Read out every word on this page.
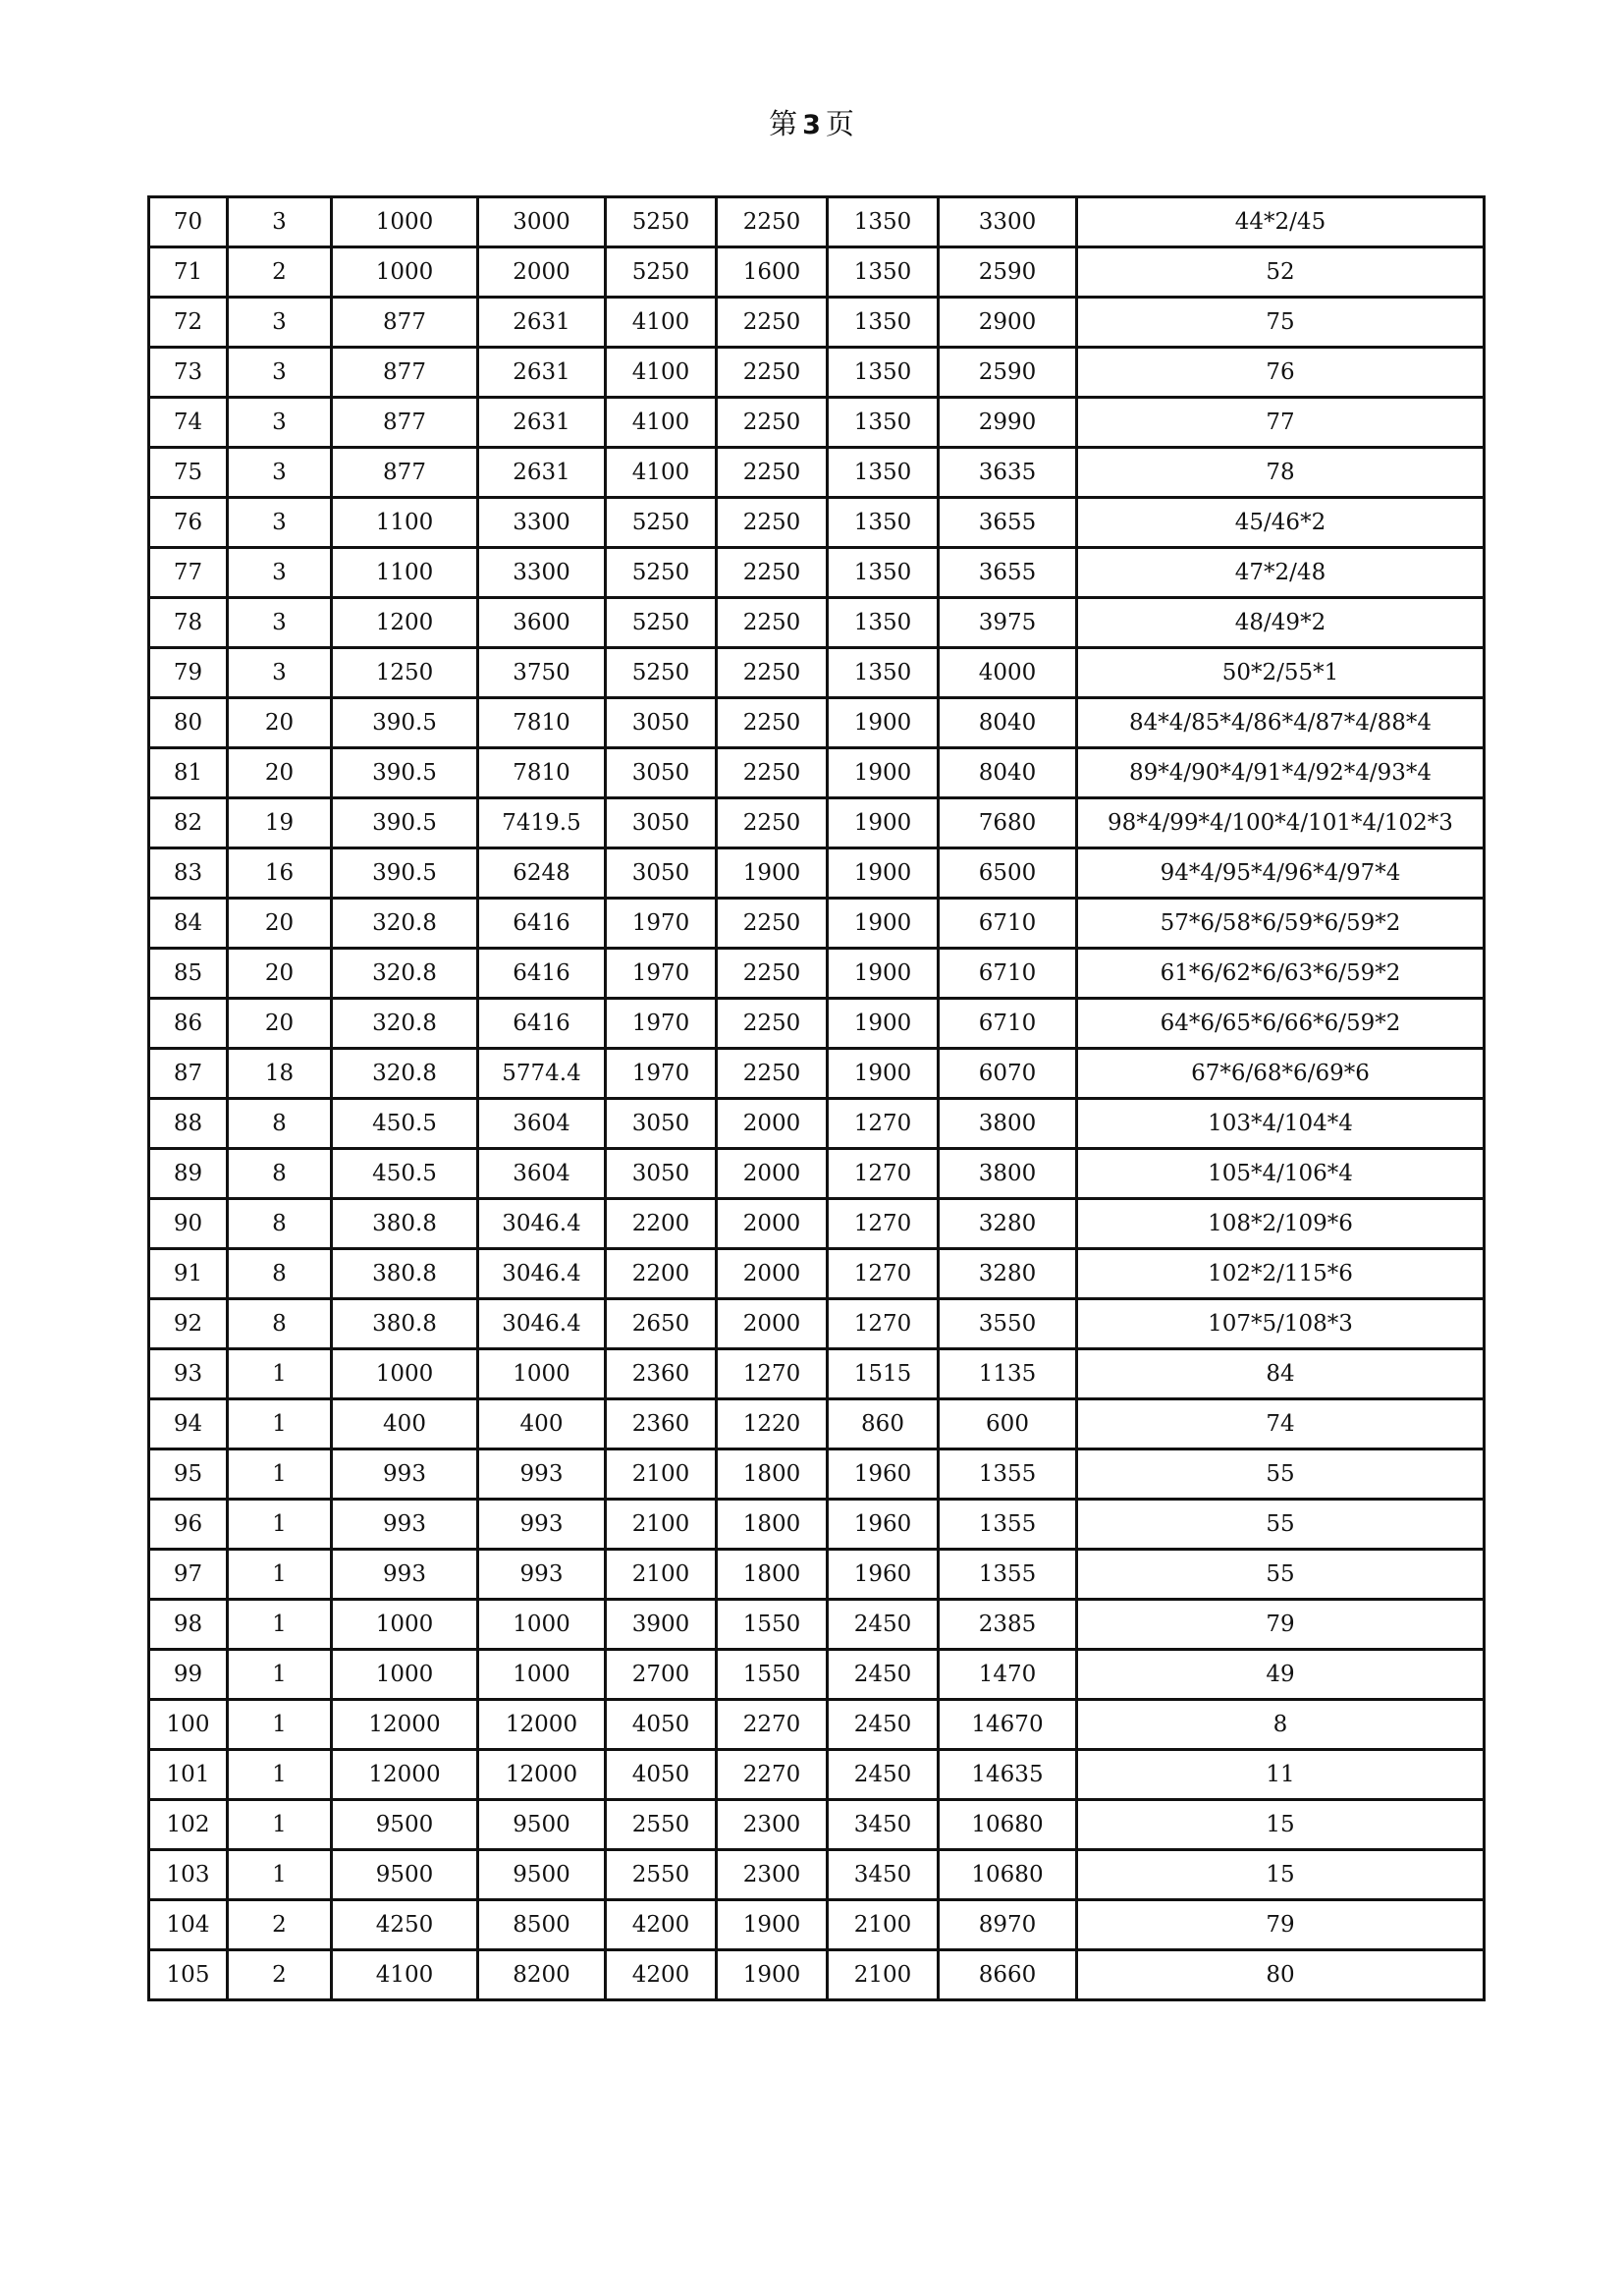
第 3 页
70	3	1000	3000	5250	2250	1350	3300	44*2/45
71	2	1000	2000	5250	1600	1350	2590	52
72	3	877	2631	4100	2250	1350	2900	75
73	3	877	2631	4100	2250	1350	2590	76
74	3	877	2631	4100	2250	1350	2990	77
75	3	877	2631	4100	2250	1350	3635	78
76	3	1100	3300	5250	2250	1350	3655	45/46*2
77	3	1100	3300	5250	2250	1350	3655	47*2/48
78	3	1200	3600	5250	2250	1350	3975	48/49*2
79	3	1250	3750	5250	2250	1350	4000	50*2/55*1
80	20	390.5	7810	3050	2250	1900	8040	84*4/85*4/86*4/87*4/88*4
81	20	390.5	7810	3050	2250	1900	8040	89*4/90*4/91*4/92*4/93*4
82	19	390.5	7419.5	3050	2250	1900	7680	98*4/99*4/100*4/101*4/102*3
83	16	390.5	6248	3050	1900	1900	6500	94*4/95*4/96*4/97*4
84	20	320.8	6416	1970	2250	1900	6710	57*6/58*6/59*6/59*2
85	20	320.8	6416	1970	2250	1900	6710	61*6/62*6/63*6/59*2
86	20	320.8	6416	1970	2250	1900	6710	64*6/65*6/66*6/59*2
87	18	320.8	5774.4	1970	2250	1900	6070	67*6/68*6/69*6
88	8	450.5	3604	3050	2000	1270	3800	103*4/104*4
89	8	450.5	3604	3050	2000	1270	3800	105*4/106*4
90	8	380.8	3046.4	2200	2000	1270	3280	108*2/109*6
91	8	380.8	3046.4	2200	2000	1270	3280	102*2/115*6
92	8	380.8	3046.4	2650	2000	1270	3550	107*5/108*3
93	1	1000	1000	2360	1270	1515	1135	84
94	1	400	400	2360	1220	860	600	74
95	1	993	993	2100	1800	1960	1355	55
96	1	993	993	2100	1800	1960	1355	55
97	1	993	993	2100	1800	1960	1355	55
98	1	1000	1000	3900	1550	2450	2385	79
99	1	1000	1000	2700	1550	2450	1470	49
100	1	12000	12000	4050	2270	2450	14670	8
101	1	12000	12000	4050	2270	2450	14635	11
102	1	9500	9500	2550	2300	3450	10680	15
103	1	9500	9500	2550	2300	3450	10680	15
104	2	4250	8500	4200	1900	2100	8970	79
105	2	4100	8200	4200	1900	2100	8660	80
